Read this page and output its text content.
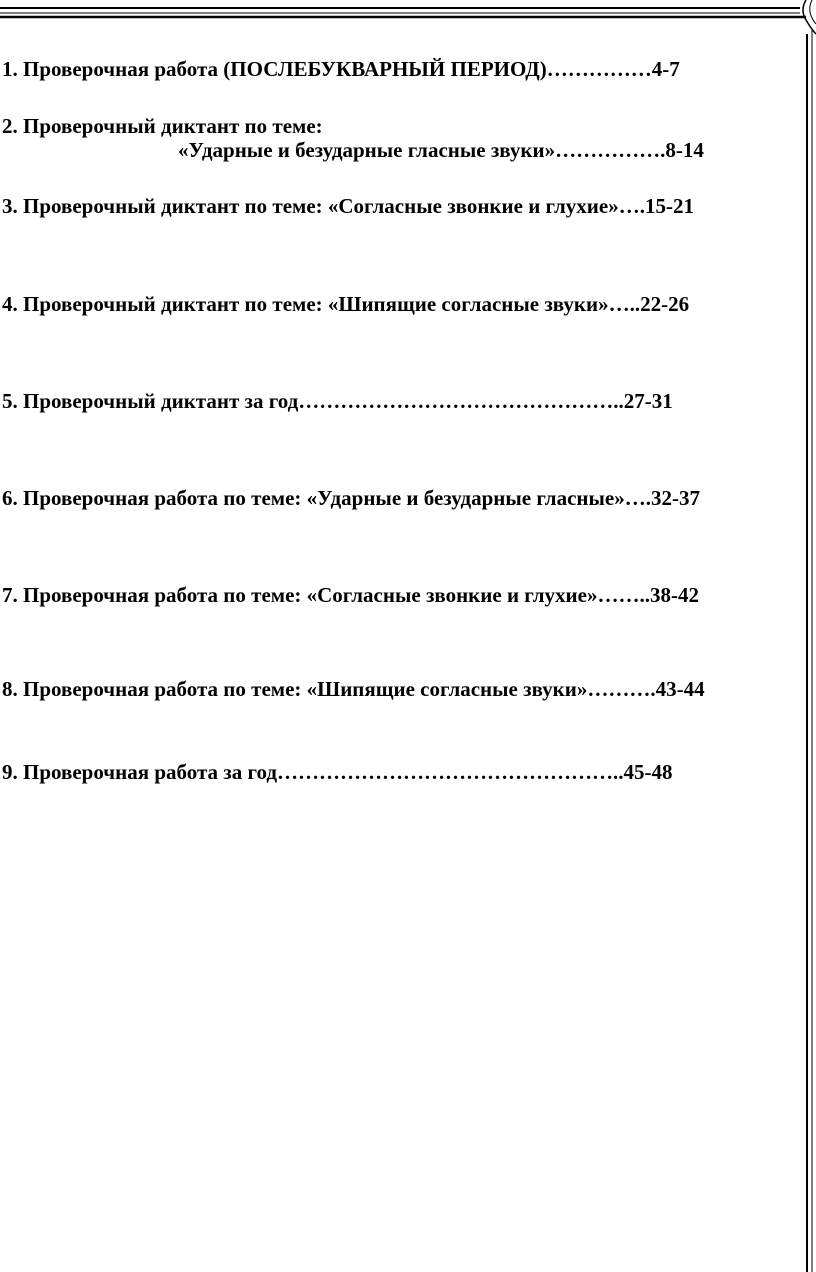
1. Проверочная работа (ПОСЛЕБУКВАРНЫЙ ПЕРИОД)……………4-7
2. Проверочный диктант по теме:
«Ударные и безударные гласные звуки»…………….8-14
3. Проверочный диктант по теме: «Согласные звонкие и глухие»….15-21
4. Проверочный диктант по теме: «Шипящие согласные звуки»…..22-26
5. Проверочный диктант за год………………………………………..27-31
6. Проверочная работа по теме: «Ударные и безударные гласные»….32-37
7. Проверочная работа по теме: «Согласные звонкие и глухие»……..38-42
8. Проверочная работа по теме: «Шипящие согласные звуки»……….43-44
9. Проверочная работа за год…………………………………………..45-48
